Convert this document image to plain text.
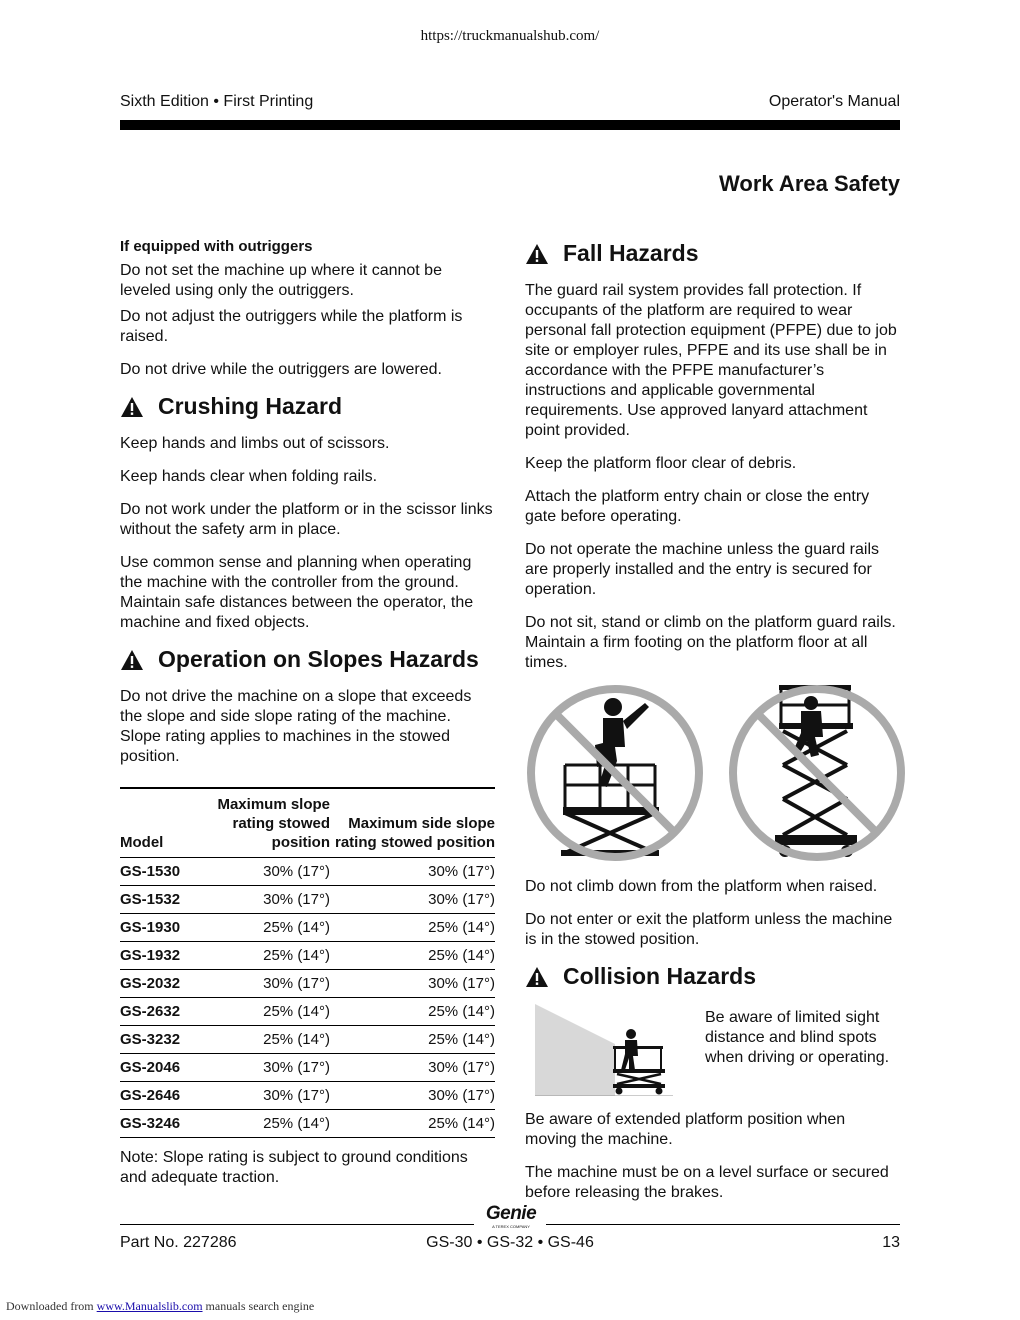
https://truckmanualshub.com/
Sixth Edition • First Printing	Operator's Manual
Work Area Safety
If equipped with outriggers

Do not set the machine up where it cannot be leveled using only the outriggers.

Do not adjust the outriggers while the platform is raised.

Do not drive while the outriggers are lowered.

Crushing Hazard

Keep hands and limbs out of scissors.

Keep hands clear when folding rails.

Do not work under the platform or in the scissor links without the safety arm in place.

Use common sense and planning when operating the machine with the controller from the ground. Maintain safe distances between the operator, the machine and fixed objects.

Operation on Slopes Hazards

Do not drive the machine on a slope that exceeds the slope and side slope rating of the machine. Slope rating applies to machines in the stowed position.

Model	Maximum slope rating stowed position	Maximum side slope rating stowed position
GS-1530	30% (17°)	30% (17°)
GS-1532	30% (17°)	30% (17°)
GS-1930	25% (14°)	25% (14°)
GS-1932	25% (14°)	25% (14°)
GS-2032	30% (17°)	30% (17°)
GS-2632	25% (14°)	25% (14°)
GS-3232	25% (14°)	25% (14°)
GS-2046	30% (17°)	30% (17°)
GS-2646	30% (17°)	30% (17°)
GS-3246	25% (14°)	25% (14°)

Note: Slope rating is subject to ground conditions and adequate traction.

Fall Hazards

The guard rail system provides fall protection. If occupants of the platform are required to wear personal fall protection equipment (PFPE) due to job site or employer rules, PFPE and its use shall be in accordance with the PFPE manufacturer’s instructions and applicable governmental requirements. Use approved lanyard attachment point provided.

Keep the platform floor clear of debris.

Attach the platform entry chain or close the entry gate before operating.

Do not operate the machine unless the guard rails are properly installed and the entry is secured for operation.

Do not sit, stand or climb on the platform guard rails. Maintain a firm footing on the platform floor at all times.

Do not climb down from the platform when raised.

Do not enter or exit the platform unless the machine is in the stowed position.

Collision Hazards

Be aware of limited sight distance and blind spots when driving or operating.

Be aware of extended platform position when moving the machine.

The machine must be on a level surface or secured before releasing the brakes.

Genie
A TEREX COMPANY
Part No. 227286	GS-30 • GS-32 • GS-46	13
Downloaded from www.Manualslib.com manuals search engine
